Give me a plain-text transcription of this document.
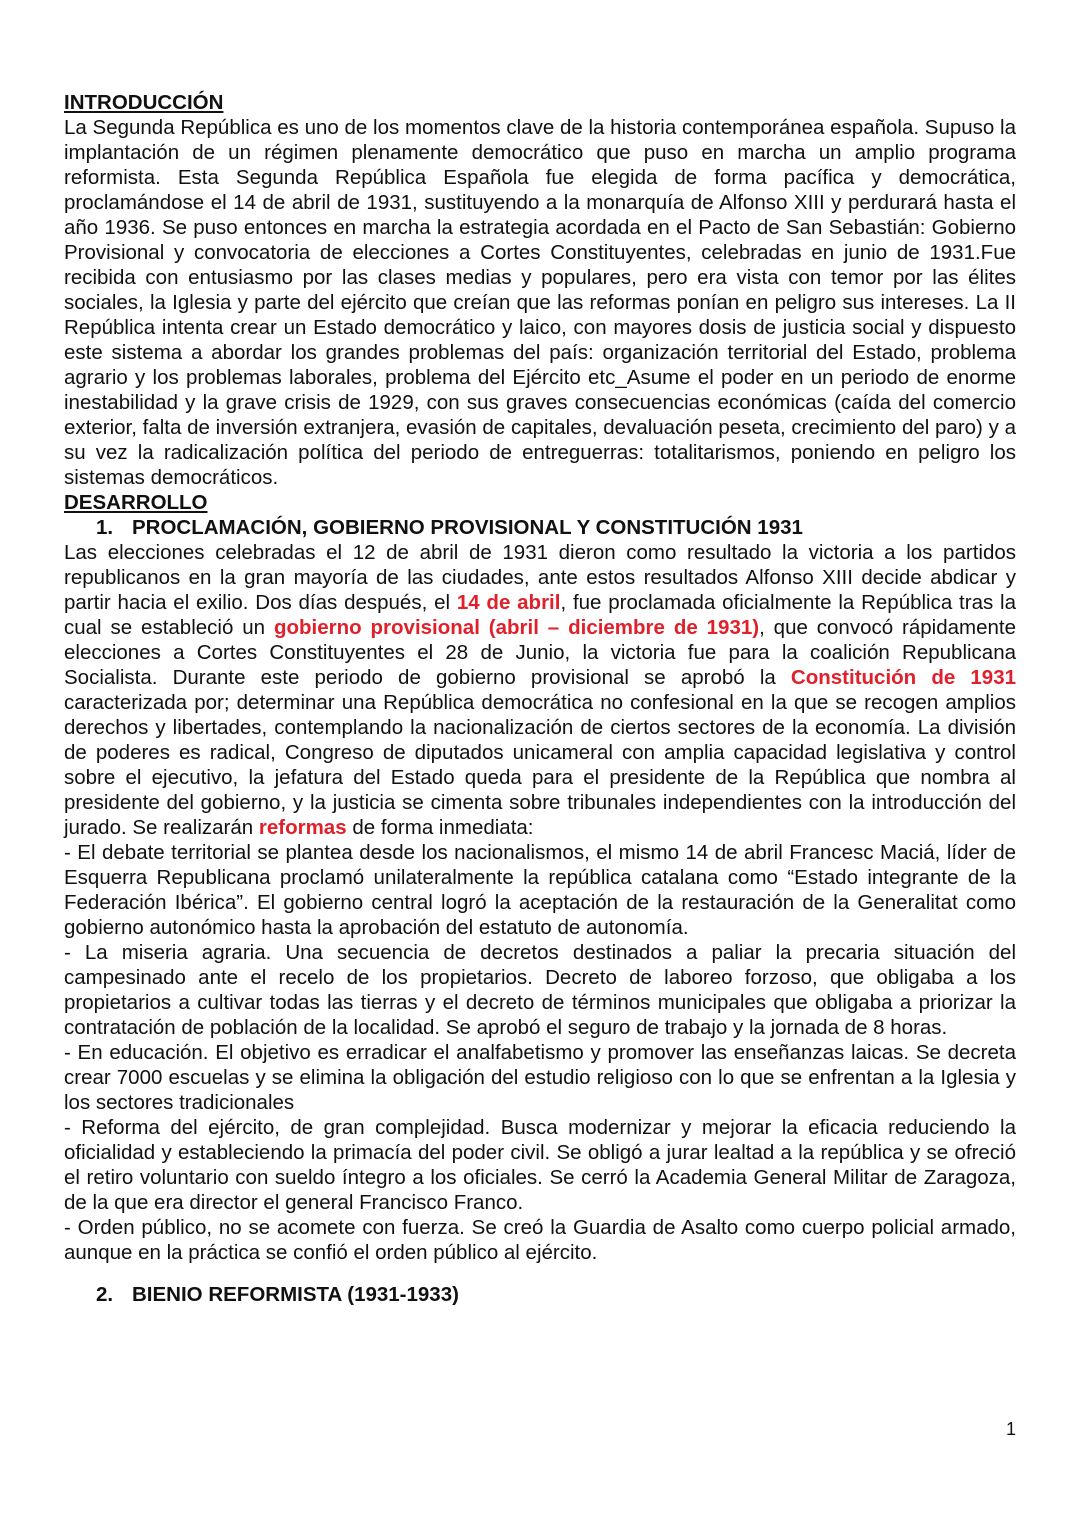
INTRODUCCIÓN

La Segunda República es uno de los momentos clave de la historia contemporánea española. Supuso la implantación de un régimen plenamente democrático que puso en marcha un amplio programa reformista. Esta Segunda República Española fue elegida de forma pacífica y democrática, proclamándose el 14 de abril de 1931, sustituyendo a la monarquía de Alfonso XIII y perdurará hasta el año 1936. Se puso entonces en marcha la estrategia acordada en el Pacto de San Sebastián: Gobierno Provisional y convocatoria de elecciones a Cortes Constituyentes, celebradas en junio de 1931.Fue recibida con entusiasmo por las clases medias y populares, pero era vista con temor por las élites sociales, la Iglesia y parte del ejército que creían que las reformas ponían en peligro sus intereses. La II República intenta crear un Estado democrático y laico, con mayores dosis de justicia social y dispuesto este sistema a abordar los grandes problemas del país: organización territorial del Estado, problema agrario y los problemas laborales, problema del Ejército etc_Asume el poder en un periodo de enorme inestabilidad y la grave crisis de 1929, con sus graves consecuencias económicas (caída del comercio exterior, falta de inversión extranjera, evasión de capitales, devaluación peseta, crecimiento del paro) y a su vez la radicalización política del periodo de entreguerras: totalitarismos, poniendo en peligro los sistemas democráticos.

DESARROLLO

1. PROCLAMACIÓN, GOBIERNO PROVISIONAL Y CONSTITUCIÓN 1931

Las elecciones celebradas el 12 de abril de 1931 dieron como resultado la victoria a los partidos republicanos en la gran mayoría de las ciudades, ante estos resultados Alfonso XIII decide abdicar y partir hacia el exilio. Dos días después, el 14 de abril, fue proclamada oficialmente la República tras la cual se estableció un gobierno provisional (abril – diciembre de 1931), que convocó rápidamente elecciones a Cortes Constituyentes el 28 de Junio, la victoria fue para la coalición Republicana Socialista. Durante este periodo de gobierno provisional se aprobó la Constitución de 1931 caracterizada por; determinar una República democrática no confesional en la que se recogen amplios derechos y libertades, contemplando la nacionalización de ciertos sectores de la economía. La división de poderes es radical, Congreso de diputados unicameral con amplia capacidad legislativa y control sobre el ejecutivo, la jefatura del Estado queda para el presidente de la República que nombra al presidente del gobierno, y la justicia se cimenta sobre tribunales independientes con la introducción del jurado. Se realizarán reformas de forma inmediata:

- El debate territorial se plantea desde los nacionalismos, el mismo 14 de abril Francesc Maciá, líder de Esquerra Republicana proclamó unilateralmente la república catalana como “Estado integrante de la Federación Ibérica”. El gobierno central logró la aceptación de la restauración de la Generalitat como gobierno autonómico hasta la aprobación del estatuto de autonomía.

- La miseria agraria. Una secuencia de decretos destinados a paliar la precaria situación del campesinado ante el recelo de los propietarios. Decreto de laboreo forzoso, que obligaba a los propietarios a cultivar todas las tierras y el decreto de términos municipales que obligaba a priorizar la contratación de población de la localidad. Se aprobó el seguro de trabajo y la jornada de 8 horas.

- En educación. El objetivo es erradicar el analfabetismo y promover las enseñanzas laicas. Se decreta crear 7000 escuelas y se elimina la obligación del estudio religioso con lo que se enfrentan a la Iglesia y los sectores tradicionales

- Reforma del ejército, de gran complejidad. Busca modernizar y mejorar la eficacia reduciendo la oficialidad y estableciendo la primacía del poder civil. Se obligó a jurar lealtad a la república y se ofreció el retiro voluntario con sueldo íntegro a los oficiales. Se cerró la Academia General Militar de Zaragoza, de la que era director el general Francisco Franco.

- Orden público, no se acomete con fuerza. Se creó la Guardia de Asalto como cuerpo policial armado, aunque en la práctica se confió el orden público al ejército.

2. BIENIO REFORMISTA (1931-1933)

1
